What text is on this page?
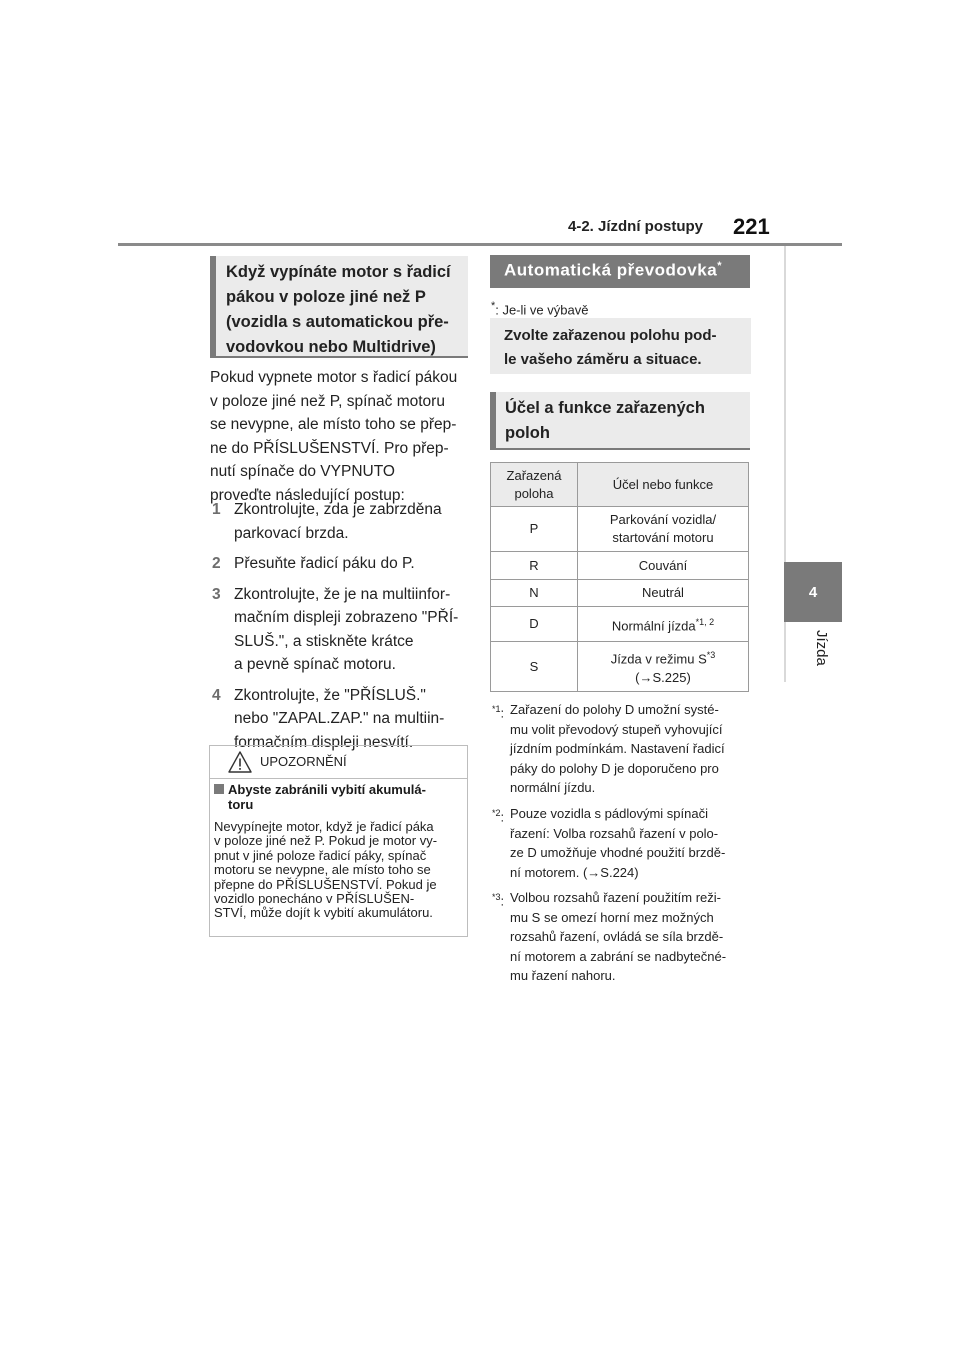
4-2. Jízdní postupy 221
4
Jízda
Když vypínáte motor s řadicí
pákou v poloze jiné než P
(vozidla s automatickou pře-
vodovkou nebo Multidrive)
Pokud vypnete motor s řadicí pákou
v poloze jiné než P, spínač motoru
se nevypne, ale místo toho se přep-
ne do PŘÍSLUŠENSTVÍ. Pro přep-
nutí spínače do VYPNUTO
proveďte následující postup:
1 Zkontrolujte, zda je zabrzděna
parkovací brzda.
2 Přesuňte řadicí páku do P.
3 Zkontrolujte, že je na multiinfor-
mačním displeji zobrazeno "PŘÍ-
SLUŠ.", a stiskněte krátce
a pevně spínač motoru.
4 Zkontrolujte, že "PŘÍSLUŠ."
nebo "ZAPAL.ZAP." na multiin-
formačním displeji nesvítí.
UPOZORNĚNÍ
Abyste zabránili vybití akumulá-
toru
Nevypínejte motor, když je řadicí páka
v poloze jiné než P. Pokud je motor vy-
pnut v jiné poloze řadicí páky, spínač
motoru se nevypne, ale místo toho se
přepne do PŘÍSLUŠENSTVÍ. Pokud je
vozidlo ponecháno v PŘÍSLUŠEN-
STVÍ, může dojít k vybití akumulátoru.
Automatická převodovka*
*: Je-li ve výbavě
Zvolte zařazenou polohu pod-
le vašeho záměru a situace.
Účel a funkce zařazených
poloh
Zařazená
poloha	Účel nebo funkce
P	Parkování vozidla/
startování motoru

R	Couvání
N	Neutrál
D	Normální jízda$^{*1, 2}$
S	Jízda v režimu $S^{*3}$
(→S.225)
$^{*1}$: Zařazení do polohy D umožní systé-
mu volit převodový stupeň vyhovující
jízdním podmínkám. Nastavení řadicí
páky do polohy D je doporučeno pro
normální jízdu.
$^{*2}$: Pouze vozidla s pádlovými spínači
řazení: Volba rozsahů řazení v polo-
ze D umožňuje vhodné použití brzdě-
ní motorem. (→S.224)
$^{*3}$: Volbou rozsahů řazení použitím reži-
mu S se omezí horní mez možných
rozsahů řazení, ovládá se síla brzdě-
ní motorem a zabrání se nadbytečné-
mu řazení nahoru.
